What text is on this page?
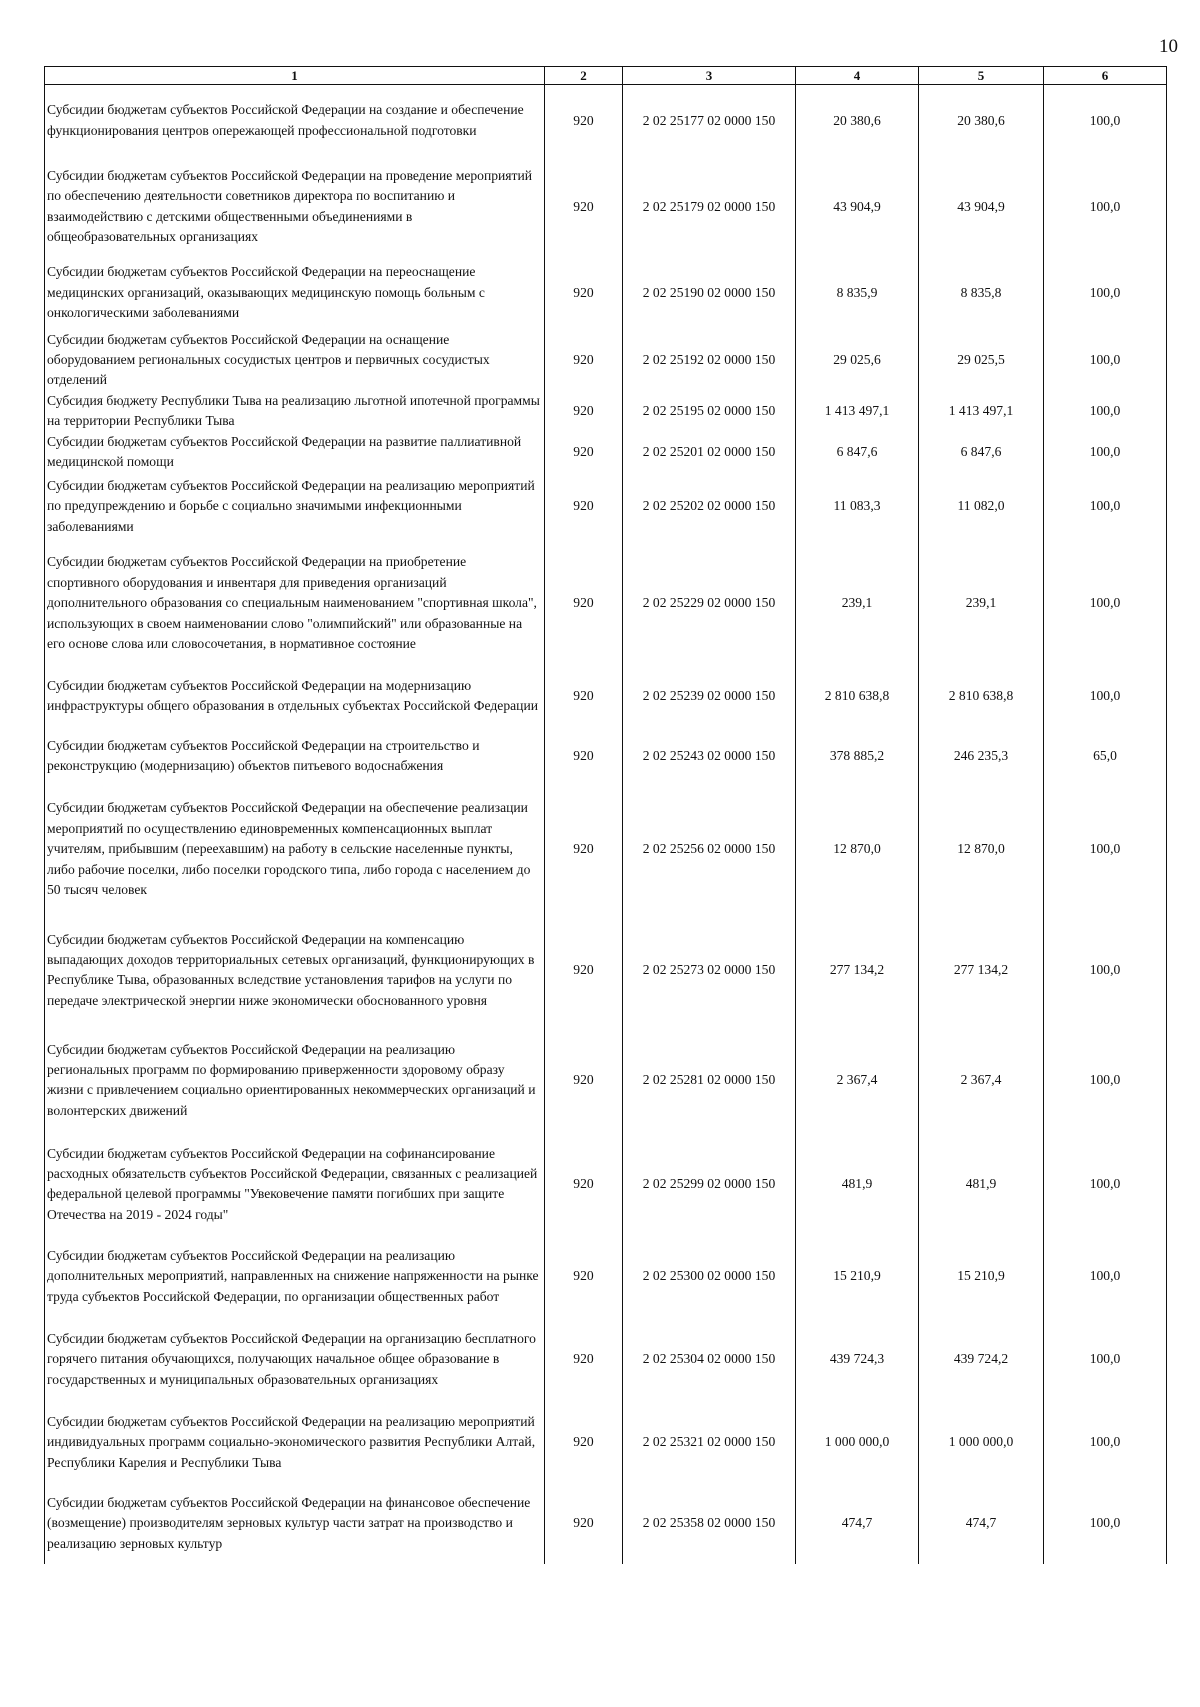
10
1	2	3	4	5	6
Субсидии бюджетам субъектов Российской Федерации на создание и обеспечение функционирования центров опережающей профессиональной подготовки	920	2 02 25177 02 0000 150	20 380,6	20 380,6	100,0
Субсидии бюджетам субъектов Российской Федерации на проведение мероприятий по обеспечению деятельности советников директора по воспитанию и взаимодействию с детскими общественными объединениями в общеобразовательных организациях	920	2 02 25179 02 0000 150	43 904,9	43 904,9	100,0
Субсидии бюджетам субъектов Российской Федерации на переоснащение медицинских организаций, оказывающих медицинскую помощь больным с онкологическими заболеваниями	920	2 02 25190 02 0000 150	8 835,9	8 835,8	100,0
Субсидии бюджетам субъектов Российской Федерации на оснащение оборудованием региональных сосудистых центров и первичных сосудистых отделений	920	2 02 25192 02 0000 150	29 025,6	29 025,5	100,0
Субсидия бюджету Республики Тыва на реализацию льготной ипотечной программы на территории Республики Тыва	920	2 02 25195 02 0000 150	1 413 497,1	1 413 497,1	100,0
Субсидии бюджетам субъектов Российской Федерации на развитие паллиативной медицинской помощи	920	2 02 25201 02 0000 150	6 847,6	6 847,6	100,0
Субсидии бюджетам субъектов Российской Федерации на реализацию мероприятий по предупреждению и борьбе с социально значимыми инфекционными заболеваниями	920	2 02 25202 02 0000 150	11 083,3	11 082,0	100,0
Субсидии бюджетам субъектов Российской Федерации на приобретение спортивного оборудования и инвентаря для приведения организаций дополнительного образования со специальным наименованием "спортивная школа", использующих в своем наименовании слово "олимпийский" или образованные на его основе слова или словосочетания, в нормативное состояние	920	2 02 25229 02 0000 150	239,1	239,1	100,0
Субсидии бюджетам субъектов Российской Федерации на модернизацию инфраструктуры общего образования в отдельных субъектах Российской Федерации	920	2 02 25239 02 0000 150	2 810 638,8	2 810 638,8	100,0
Субсидии бюджетам субъектов Российской Федерации на строительство и реконструкцию (модернизацию) объектов питьевого водоснабжения	920	2 02 25243 02 0000 150	378 885,2	246 235,3	65,0
Субсидии бюджетам субъектов Российской Федерации на обеспечение реализации мероприятий по осуществлению единовременных компенсационных выплат учителям, прибывшим (переехавшим) на работу в сельские населенные пункты, либо рабочие поселки, либо поселки городского типа, либо города с населением до 50 тысяч человек	920	2 02 25256 02 0000 150	12 870,0	12 870,0	100,0
Субсидии бюджетам субъектов Российской Федерации на компенсацию выпадающих доходов территориальных сетевых организаций, функционирующих в Республике Тыва, образованных вследствие установления тарифов на услуги по передаче электрической энергии ниже экономически обоснованного уровня	920	2 02 25273 02 0000 150	277 134,2	277 134,2	100,0
Субсидии бюджетам субъектов Российской Федерации на реализацию региональных программ по формированию приверженности здоровому образу жизни с привлечением социально ориентированных некоммерческих организаций и волонтерских движений	920	2 02 25281 02 0000 150	2 367,4	2 367,4	100,0
Субсидии бюджетам субъектов Российской Федерации на софинансирование расходных обязательств субъектов Российской Федерации, связанных с реализацией федеральной целевой программы "Увековечение памяти погибших при защите Отечества на 2019 - 2024 годы"	920	2 02 25299 02 0000 150	481,9	481,9	100,0
Субсидии бюджетам субъектов Российской Федерации на реализацию дополнительных мероприятий, направленных на снижение напряженности на рынке труда субъектов Российской Федерации, по организации общественных работ	920	2 02 25300 02 0000 150	15 210,9	15 210,9	100,0
Субсидии бюджетам субъектов Российской Федерации на организацию бесплатного горячего питания обучающихся, получающих начальное общее образование в государственных и муниципальных образовательных организациях	920	2 02 25304 02 0000 150	439 724,3	439 724,2	100,0
Субсидии бюджетам субъектов Российской Федерации на реализацию мероприятий индивидуальных программ социально-экономического развития Республики Алтай, Республики Карелия и Республики Тыва	920	2 02 25321 02 0000 150	1 000 000,0	1 000 000,0	100,0
Субсидии бюджетам субъектов Российской Федерации на финансовое обеспечение (возмещение) производителям зерновых культур части затрат на производство и реализацию зерновых культур	920	2 02 25358 02 0000 150	474,7	474,7	100,0
